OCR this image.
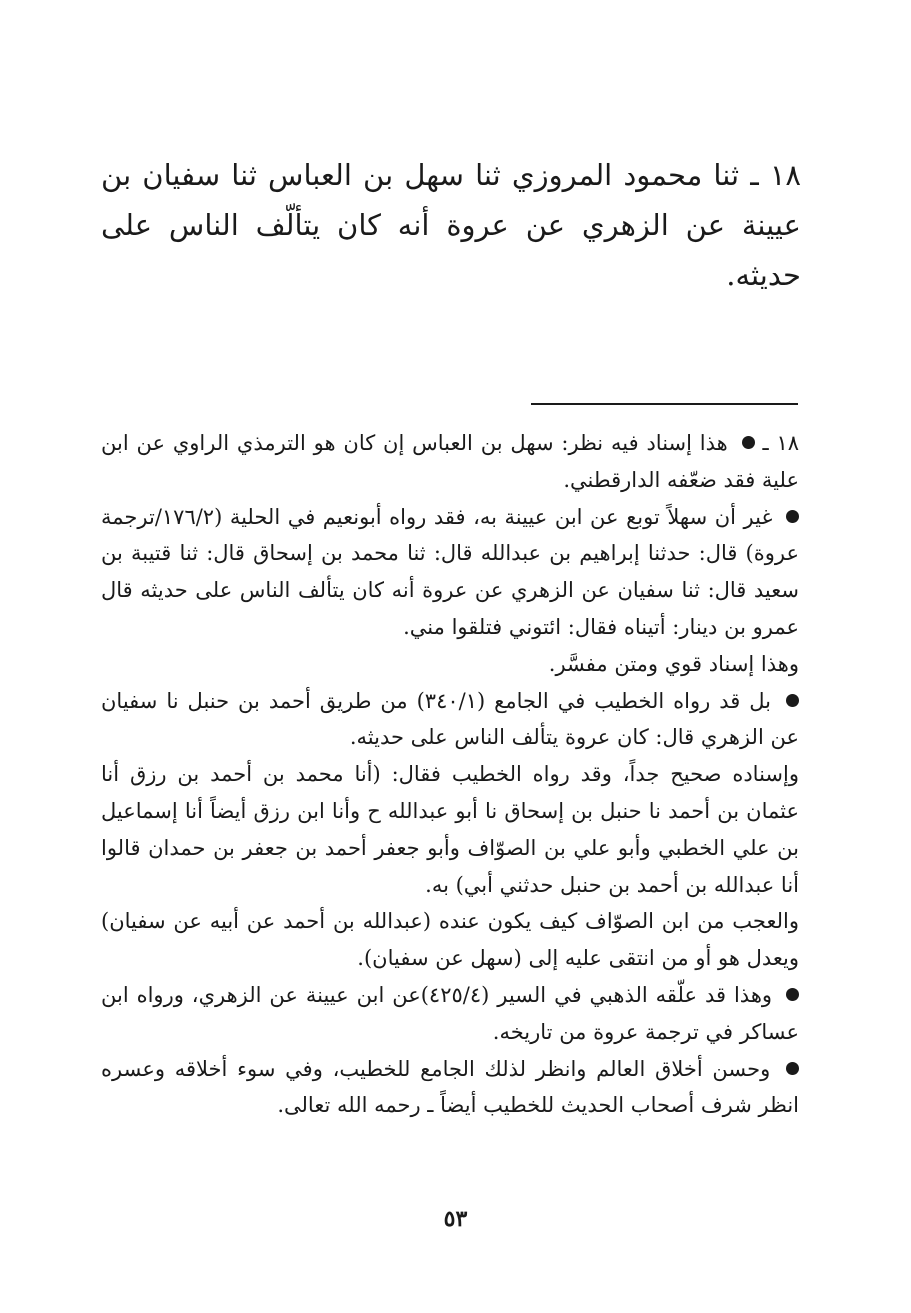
١٨ ـ ثنا محمود المروزي ثنا سهل بن العباس ثنا سفيان بن عيينة عن الزهري عن عروة أنه كان يتألّف الناس على حديثه.

١٨ ـ  هذا إسناد فيه نظر: سهل بن العباس إن كان هو الترمذي الراوي عن ابن علية فقد ضعّفه الدارقطني.

غير أن سهلاً توبع عن ابن عيينة به، فقد رواه أبونعيم في الحلية (١٧٦/٢/ترجمة عروة) قال: حدثنا إبراهيم بن عبدالله قال: ثنا محمد بن إسحاق قال: ثنا قتيبة بن سعيد قال: ثنا سفيان عن الزهري عن عروة أنه كان يتألف الناس على حديثه قال عمرو بن دينار: أتيناه فقال: ائتوني فتلقوا مني.

وهذا إسناد قوي ومتن مفسَّر.

بل قد رواه الخطيب في الجامع (٣٤٠/١) من طريق أحمد بن حنبل نا سفيان عن الزهري قال: كان عروة يتألف الناس على حديثه.

وإسناده صحيح جداً، وقد رواه الخطيب فقال: (أنا محمد بن أحمد بن رزق أنا عثمان بن أحمد نا حنبل بن إسحاق نا أبو عبدالله ح وأنا ابن رزق أيضاً أنا إسماعيل بن علي الخطبي وأبو علي بن الصوّاف وأبو جعفر أحمد بن جعفر بن حمدان قالوا أنا عبدالله بن أحمد بن حنبل حدثني أبي) به.

والعجب من ابن الصوّاف كيف يكون عنده (عبدالله بن أحمد عن أبيه عن سفيان) ويعدل هو أو من انتقى عليه إلى (سهل عن سفيان).

وهذا قد علّقه الذهبي في السير (٤٢٥/٤)عن ابن عيينة عن الزهري، ورواه ابن عساكر في ترجمة عروة من تاريخه.

وحسن أخلاق العالم وانظر لذلك الجامع للخطيب، وفي سوء أخلاقه وعسره انظر شرف أصحاب الحديث للخطيب أيضاً ـ رحمه الله تعالى.

٥٣
